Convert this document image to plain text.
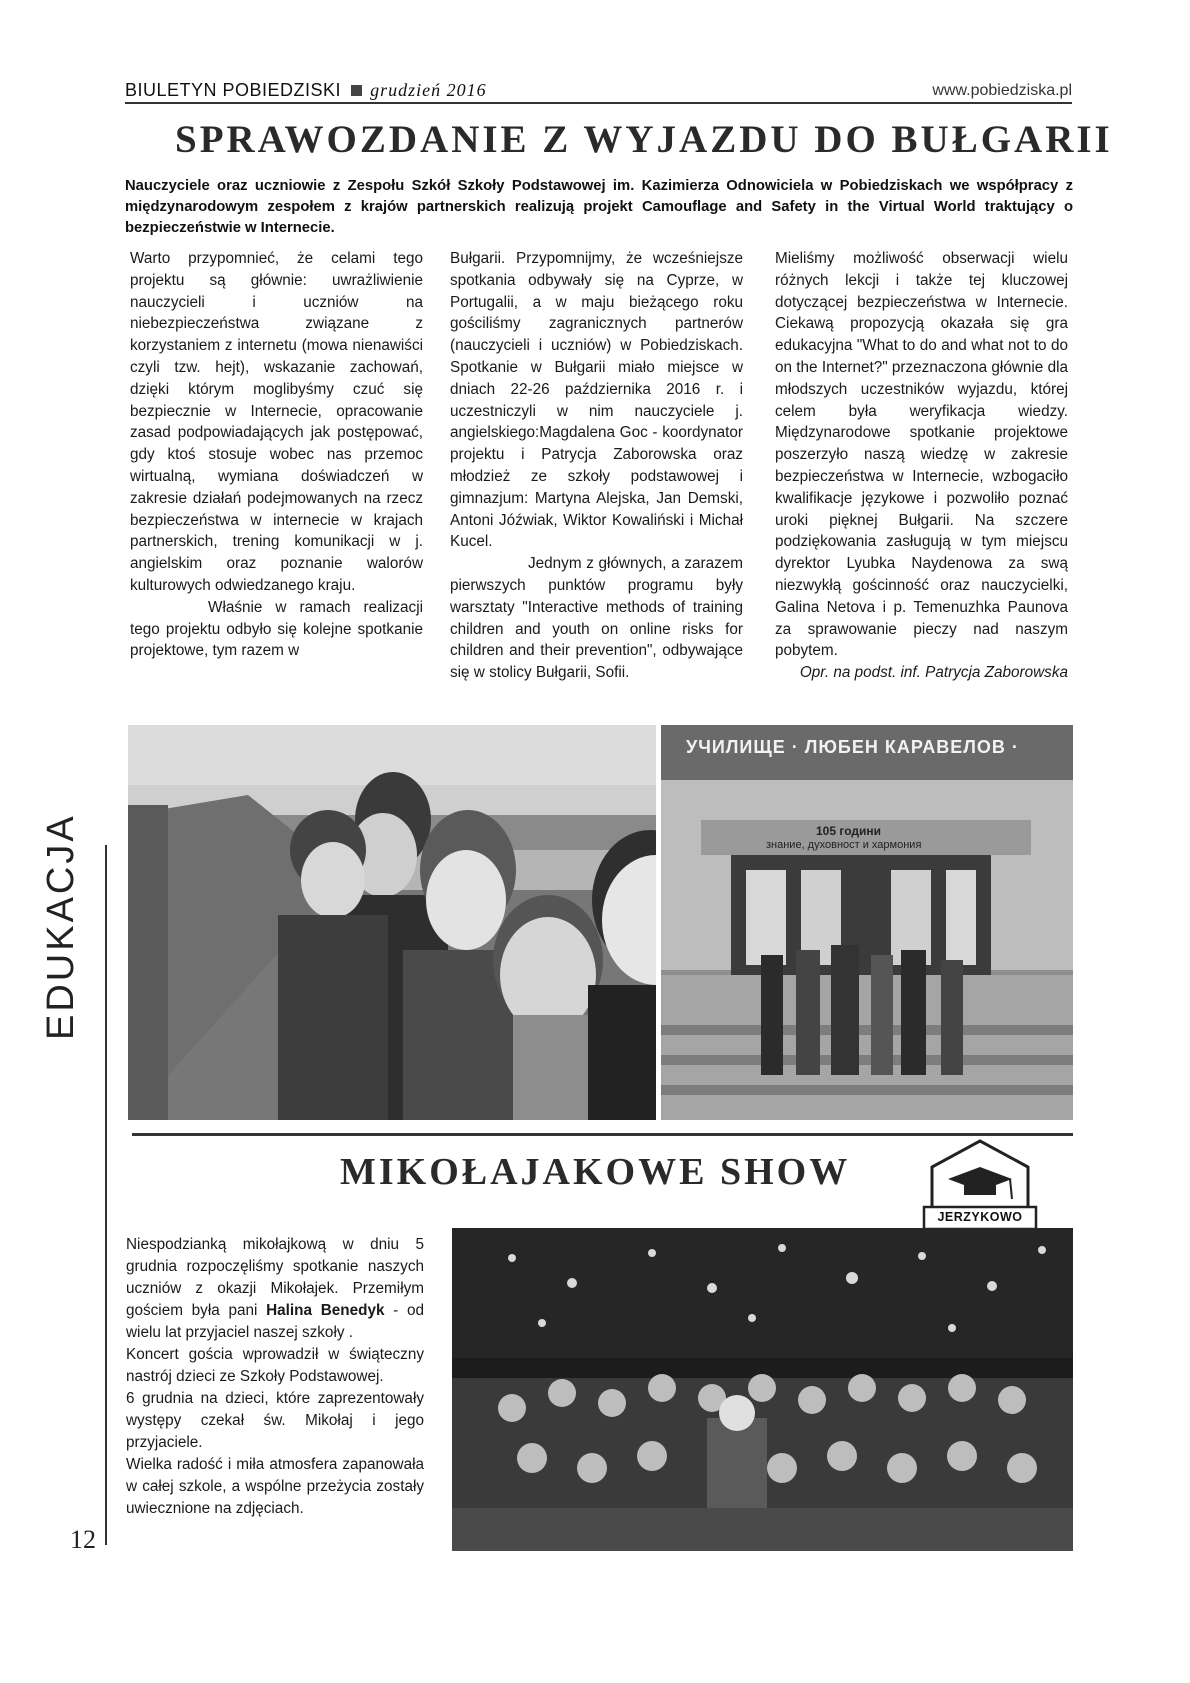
BIULETYN POBIEDZISKI grudzień 2016	www.pobiedziska.pl
SPRAWOZDANIE Z WYJAZDU DO BUŁGARII
Nauczyciele oraz uczniowie z Zespołu Szkół Szkoły Podstawowej im. Kazimierza Odnowiciela w Pobiedziskach we współpracy z międzynarodowym zespołem z krajów partnerskich realizują projekt Camouflage and Safety in the Virtual World traktujący o bezpieczeństwie w Internecie.

Warto przypomnieć, że celami tego projektu są głównie: uwrażliwienie nauczycieli i uczniów na niebezpieczeństwa związane z korzystaniem z internetu (mowa nienawiści czyli tzw. hejt), wskazanie zachowań, dzięki którym moglibyśmy czuć się bezpiecznie w Internecie, opracowanie zasad podpowiadających jak postępować, gdy ktoś stosuje wobec nas przemoc wirtualną, wymiana doświadczeń w zakresie działań podejmowanych na rzecz bezpieczeństwa w internecie w krajach partnerskich, trening komunikacji w j. angielskim oraz poznanie walorów kulturowych odwiedzanego kraju.

Właśnie w ramach realizacji tego projektu odbyło się kolejne spotkanie projektowe, tym razem w

Bułgarii. Przypomnijmy, że wcześniejsze spotkania odbywały się na Cyprze, w Portugalii, a w maju bieżącego roku gościliśmy zagranicznych partnerów (nauczycieli i uczniów) w Pobiedziskach. Spotkanie w Bułgarii miało miejsce w dniach 22-26 października 2016 r. i uczestniczyli w nim nauczyciele j. angielskiego:Magdalena Goc - koordynator projektu i Patrycja Zaborowska oraz młodzież ze szkoły podstawowej i gimnazjum: Martyna Alejska, Jan Demski, Antoni Jóźwiak, Wiktor Kowaliński i Michał Kucel.

Jednym z głównych, a zarazem pierwszych punktów programu były warsztaty "Interactive methods of training children and youth on online risks for children and their prevention", odbywające się w stolicy Bułgarii, Sofii.

Mieliśmy możliwość obserwacji wielu różnych lekcji i także tej kluczowej dotyczącej bezpieczeństwa w Internecie. Ciekawą propozycją okazała się gra edukacyjna "What to do and what not to do on the Internet?" przeznaczona głównie dla młodszych uczestników wyjazdu, której celem była weryfikacja wiedzy. Międzynarodowe spotkanie projektowe poszerzyło naszą wiedzę w zakresie bezpieczeństwa w Internecie, wzbogaciło kwalifikacje językowe i pozwoliło poznać uroki pięknej Bułgarii. Na szczere podziękowania zasługują w tym miejscu dyrektor Lyubka Naydenowa za swą niezwykłą gościnność oraz nauczycielki, Galina Netova i p. Temenuzhka Paunova za sprawowanie pieczy nad naszym pobytem.

Opr. na podst. inf. Patrycja Zaborowska

УЧИЛИЩЕ · ЛЮБЕН КАРАВЕЛОВ ·
105 години
знание, духовност и хармония
EDUKACJA
12
MIKOŁAJAKOWE SHOW
JERZYKOWO

Niespodzianką mikołajkową w dniu 5 grudnia rozpoczęliśmy spotkanie naszych uczniów z okazji Mikołajek. Przemiłym gościem była pani Halina Benedyk - od wielu lat przyjaciel naszej szkoły .

Koncert gościa wprowadził w świąteczny nastrój dzieci ze Szkoły Podstawowej.

6 grudnia na dzieci, które zaprezentowały występy czekał św. Mikołaj i jego przyjaciele.

Wielka radość i miła atmosfera zapanowała w całej szkole, a wspólne przeżycia zostały uwiecznione na zdjęciach.
